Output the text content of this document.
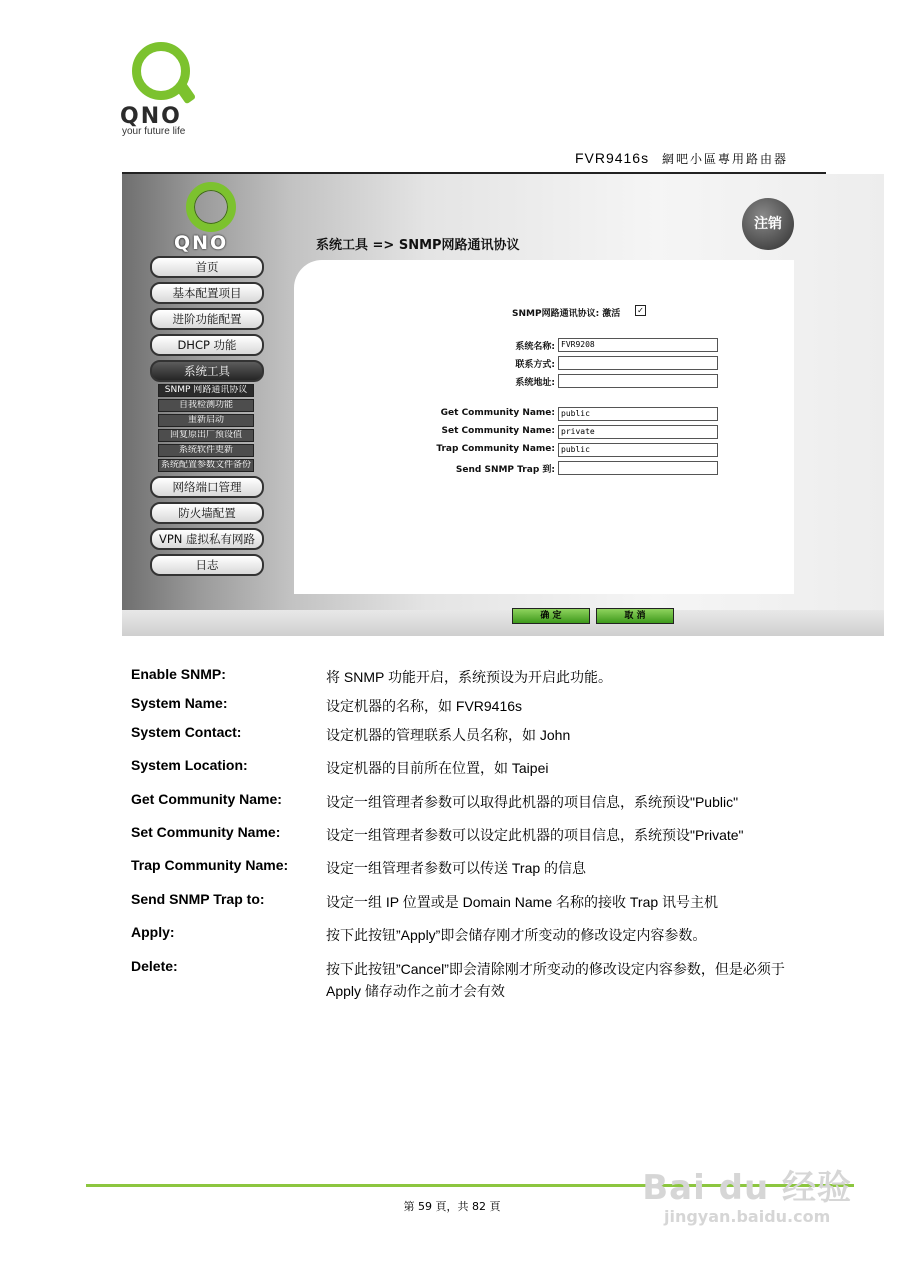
QNO
your future life
FVR9416s 網吧小區專用路由器
QNO
注销
系统工具 => SNMP网路通讯协议
首页
基本配置项目
进阶功能配置
DHCP 功能
系统工具
SNMP 网路通讯协议
自我检测功能
重新启动
回复原出厂预设值
系统软件更新
系统配置参数文件备份
网络端口管理
防火墙配置
VPN 虚拟私有网路
日志
SNMP网路通讯协议: 激活 ✓
系统名称: FVR9208
联系方式:
系统地址:
Get Community Name: public
Set Community Name: private
Trap Community Name: public
Send SNMP Trap 到:
确 定	取 消
Enable SNMP:	将 SNMP 功能开启，系统预设为开启此功能。
System Name:	设定机器的名称，如 FVR9416s
System Contact:	设定机器的管理联系人员名称，如 John
System Location:	设定机器的目前所在位置，如 Taipei
Get Community Name:	设定一组管理者参数可以取得此机器的项目信息，系统预设"Public"
Set Community Name:	设定一组管理者参数可以设定此机器的项目信息，系统预设"Private"
Trap Community Name:	设定一组管理者参数可以传送 Trap 的信息
Send SNMP Trap to:	设定一组 IP 位置或是 Domain Name 名称的接收 Trap 讯号主机
Apply:	按下此按钮”Apply”即会储存刚才所变动的修改设定内容参数。
Delete:	按下此按钮”Cancel”即会清除刚才所变动的修改设定内容参数，但是必须于 Apply 储存动作之前才会有效
第 59 頁，共 82 頁	Bai du 经验
jingyan.baidu.com
